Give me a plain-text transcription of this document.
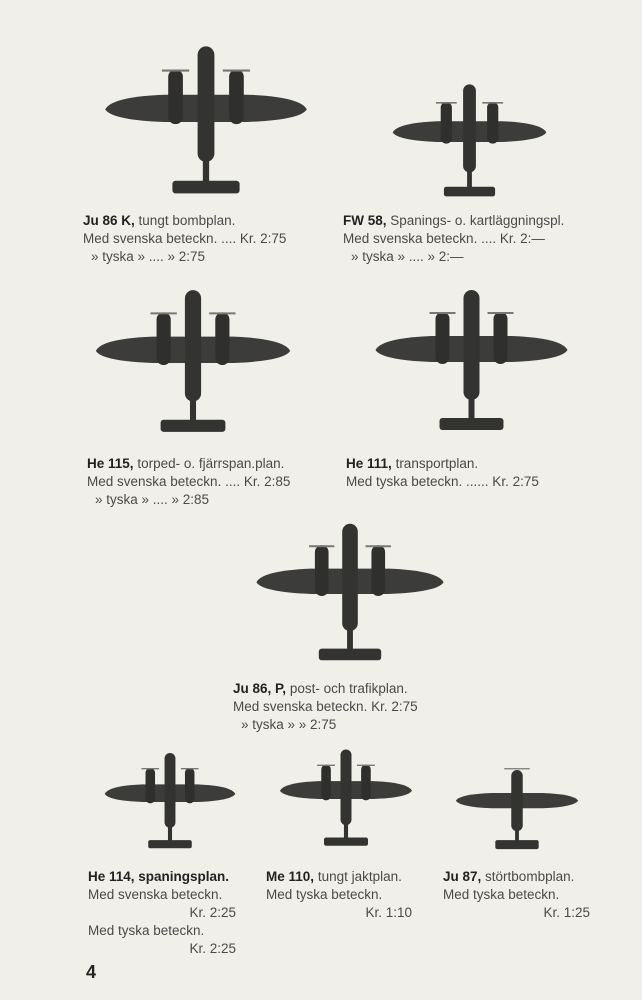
Ju 86 K, tungt bombplan.
Med svenska beteckn. .... Kr. 2:75
» tyska » .... » 2:75
FW 58, Spanings- o. kartläggningspl.
Med svenska beteckn. .... Kr. 2:—
» tyska » .... » 2:—
He 115, torped- o. fjärrspan.plan.
Med svenska beteckn. .... Kr. 2:85
» tyska » .... » 2:85
He 111, transportplan.
Med tyska beteckn. ...... Kr. 2:75
Ju 86, P, post- och trafikplan.
Med svenska beteckn. Kr. 2:75
» tyska » » 2:75
He 114, spaningsplan.
Med svenska beteckn.
Kr. 2:25
Med tyska beteckn.
Kr. 2:25
Me 110, tungt jaktplan.
Med tyska beteckn.
Kr. 1:10
Ju 87, störtbombplan.
Med tyska beteckn.
Kr. 1:25
4
